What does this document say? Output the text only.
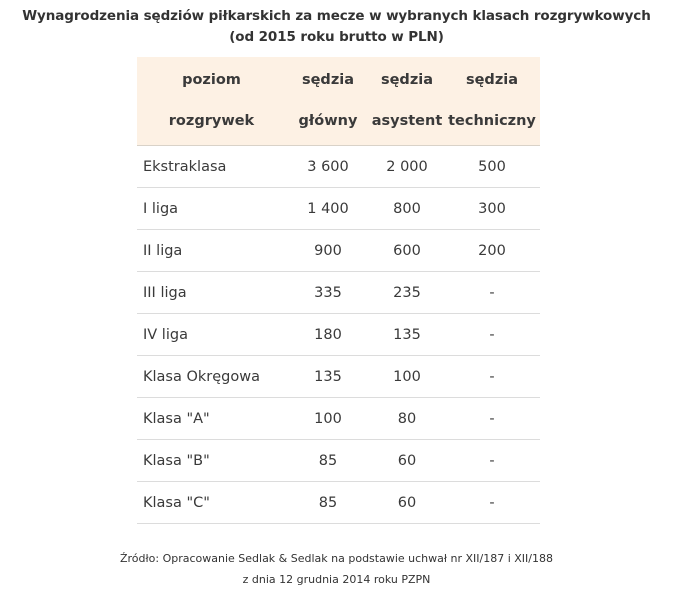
Wynagrodzenia sędziów piłkarskich za mecze w wybranych klasach rozgrywkowych
(od 2015 roku brutto w PLN)
poziom	sędzia	sędzia	sędzia
rozgrywek	główny	asystent	techniczny
Ekstraklasa	3 600	2 000	500
I liga	1 400	800	300
II liga	900	600	200
III liga	335	235	-
IV liga	180	135	-
Klasa Okręgowa	135	100	-
Klasa "A"	100	80	-
Klasa "B"	85	60	-
Klasa "C"	85	60	-
Źródło: Opracowanie Sedlak & Sedlak na podstawie uchwał nr XII/187 i XII/188
z dnia 12 grudnia 2014 roku PZPN
